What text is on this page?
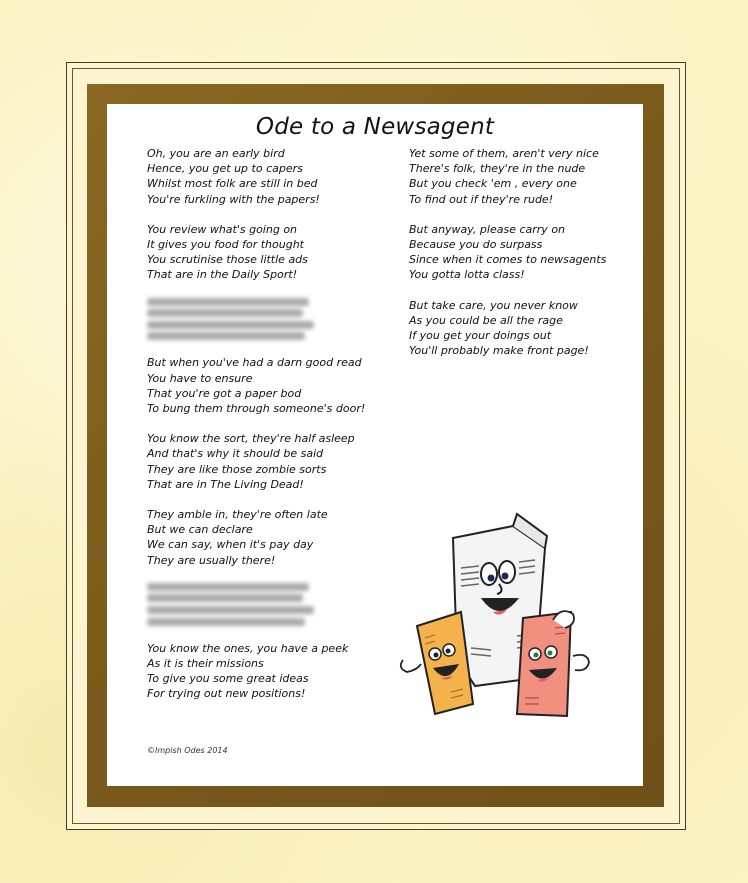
Ode to a Newsagent
Oh, you are an early bird
Hence, you get up to capers
Whilst most folk are still in bed
You're furkling with the papers!
You review what's going on
It gives you food for thought
You scrutinise those little ads
That are in the Daily Sport!
But when you've had a darn good read
You have to ensure
That you're got a paper bod
To bung them through someone's door!
You know the sort, they're half asleep
And that's why it should be said
They are like those zombie sorts
That are in The Living Dead!
They amble in, they're often late
But we can declare
We can say, when it's pay day
They are usually there!
You know the ones, you have a peek
As it is their missions
To give you some great ideas
For trying out new positions!
Yet some of them, aren't very nice
There's folk, they're in the nude
But you check 'em , every one
To find out if they're rude!
But anyway, please carry on
Because you do surpass
Since when it comes to newsagents
You gotta lotta class!
But take care, you never know
As you could be all the rage
If you get your doings out
You'll probably make front page!
©Impish Odes 2014
